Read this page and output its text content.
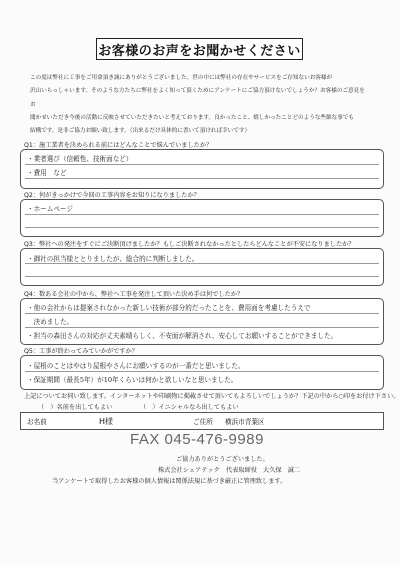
お客様のお声をお聞かせください
この度は弊社に工事をご用命頂き誠にありがとうございました。世の中には弊社の存在やサービスをご存知ないお客様が
沢山いらっしゃいます。そのような方たちに弊社をよく知って頂くためにアンケートにご協力頂けないでしょうか？お客様のご意見をお
聞かせいただき今後の活動に反映させていただきたいと考えております。良かったこと、嬉しかったことどのような些細な事でも
結構です。是非ご協力お願い致します。（出来るだけ具体的に書いて頂ければ幸いです）
Q1：施工業者を決められる前にはどんなことで悩んでいましたか？
・業者選び（信頼性、技術面など）
・費用　など
Q2：何がきっかけで今回の工事内容をお知りになりましたか？
・ホームページ
Q3：弊社への発注をすぐにご決断頂けましたか？もしご決断されなかったとしたらどんなことが不安になりましたか？
・御社の担当様ととりましたが、総合的に判断しました。
Q4：数ある会社の中から、弊社へ工事を発注して頂いた決め手は何でしたか？
・他の会社からは提案されなかった新しい技術が部分的だったことを、費用面を考慮したうえで
　決めました。
・担当の森田さんの対応が丈夫素晴らしく、不安面が解消され、安心してお願いすることができました。
Q5：工事が終わってみていかがですか？
・屋根のことはやはり屋根やさんにお願いするのが一番だと思いました。
・保証期間（最長5年）が10年くらいは何かと欲しいなと思いました。
上記についてお伺い致します。インターネットや印刷物に掲載させて頂いてもよろしいでしょうか？下記の中から○印をお付け下さい。
（　）名前を出してもよい	（　）イニシャルなら出してもよい
お名前	H様	ご住所 横浜市青葉区
FAX 045-476-9989
ご協力ありがとうございました。
株式会社シェアテック　代表取締役　大久保　誠二
当アンケートで取得したお客様の個人情報は関係法規に基づき厳正に管理致します。
